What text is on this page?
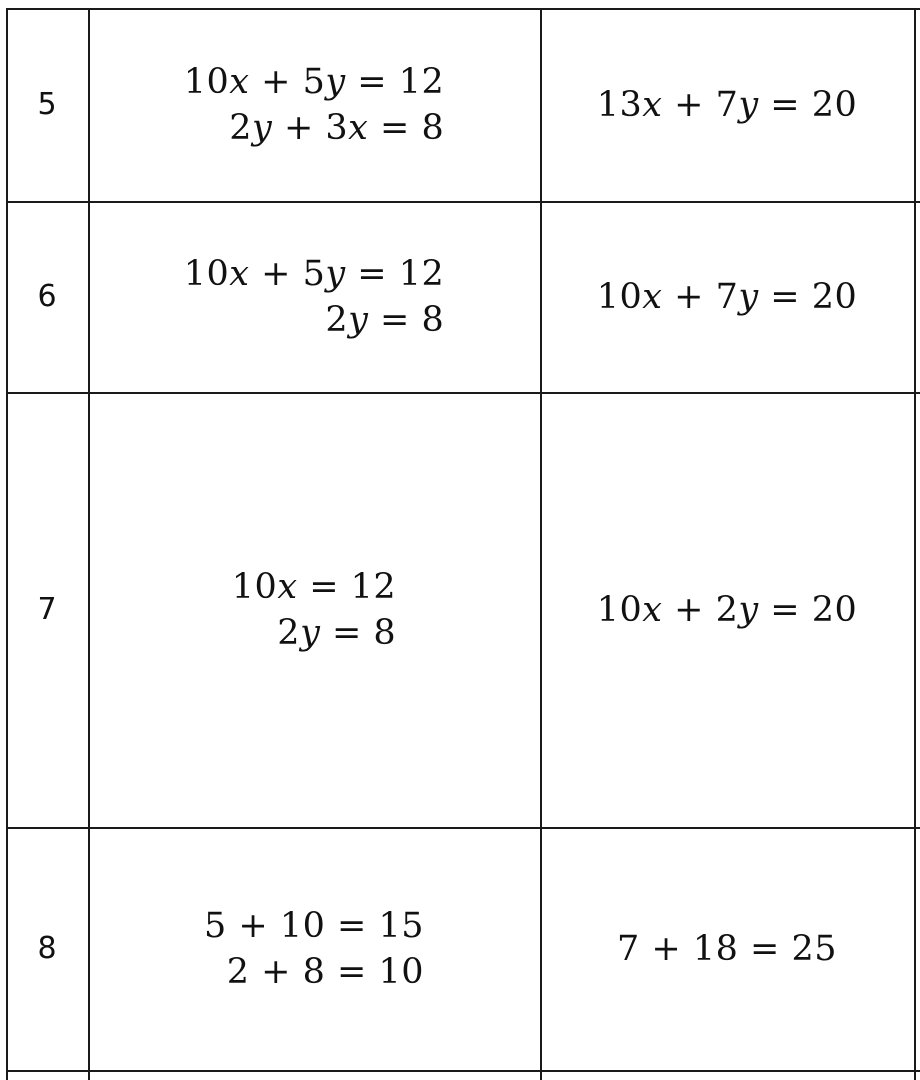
5
10x + 5y = 12
2y + 3x = 8
13x + 7y = 20
6
10x + 5y = 12
2y = 8
10x + 7y = 20
7
10x = 12
2y = 8
10x + 2y = 20
8
5 + 10 = 15
2 + 8 = 10
7 + 18 = 25
